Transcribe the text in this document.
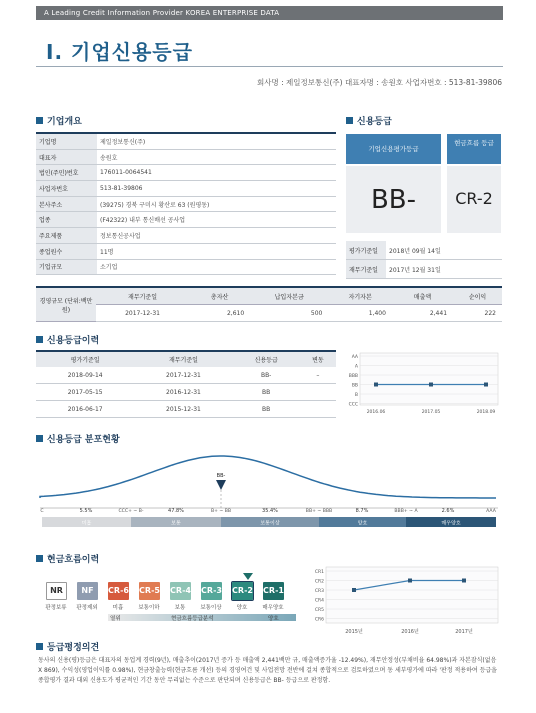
A Leading Credit Information Provider KOREA ENTERPRISE DATA
I. 기업신용등급
회사명 : 제일정보통신(주) 대표자명 : 송원호 사업자번호 : 513-81-39806
기업개요
기업명	제일정보통신(주)
대표자	송원호
법인(주민)번호	176011-0064541
사업자번호	513-81-39806
본사주소	(39275) 경북 구미시 황산로 63 (원평동)
업종	(F42322) 내부 통신배선 공사업
주요제품	정보통신공사업
종업원수	11명
기업규모	소기업
신용등급
기업신용평가등급
현금흐름 등급
BB-	CR-2
평가기준일	2018년 09월 14일
재무기준일	2017년 12월 31일
경영규모 (단위:백만원)	재무기준일	총자산	납입자본금	자기자본	매출액	순이익
	2017-12-31	2,610	500	1,400	2,441	222
신용등급이력
평가기준일	재무기준일	신용등급	변동
2018-09-14	2017-12-31	BB-	–
2017-05-15	2016-12-31	BB	
2016-06-17	2015-12-31	BB	
AA
A
BBB
BB
B
CCC
2016.06	2017.05	2018.09
신용등급 분포현황
C	CCC+ ~ B-	B+ ~ BB	BB+ ~ BBB	BBB+ ~ A	AAA
5.5%	47.8%	35.4%	8.7%	2.6%
미흡	보통	보통이상	양호	매우양호
BB-
현금흐름이력
NR
판정보류
NF
판정제외
CR-6
미흡
CR-5
보통이하
CR-4
보통
CR-3
보통이상
CR-2
양호
CR-1
매우양호
열위	현금흐름등급분석	양호
CR1
CR2
CR3
CR4
CR5
CR6
2015년	2016년	2017년
등급평정의견
동사의 신용(평)등급은 대표자의 동업계 경력(9년), 매출추이(2017년 증가 등 매출액 2,441백만 규, 매출액증가율 -12.49%), 재무안정성(부채비율 64.98%)과 자본잠식(없음 X 869), 수익성(영업이익률 0.98%), 현금창출능력(현금흐름 개선) 등의 경영여건 및 사업전망 전반에 걸쳐 종합적으로 검토하였으며 동 세부평가에 따라 '판정 적용하여 등급을 종합평가 결과 대외 신용도가 평균적인 기간 동안 무리없는 수준으로 판단되며 신용등급은 BB- 등급으로 판정함.
